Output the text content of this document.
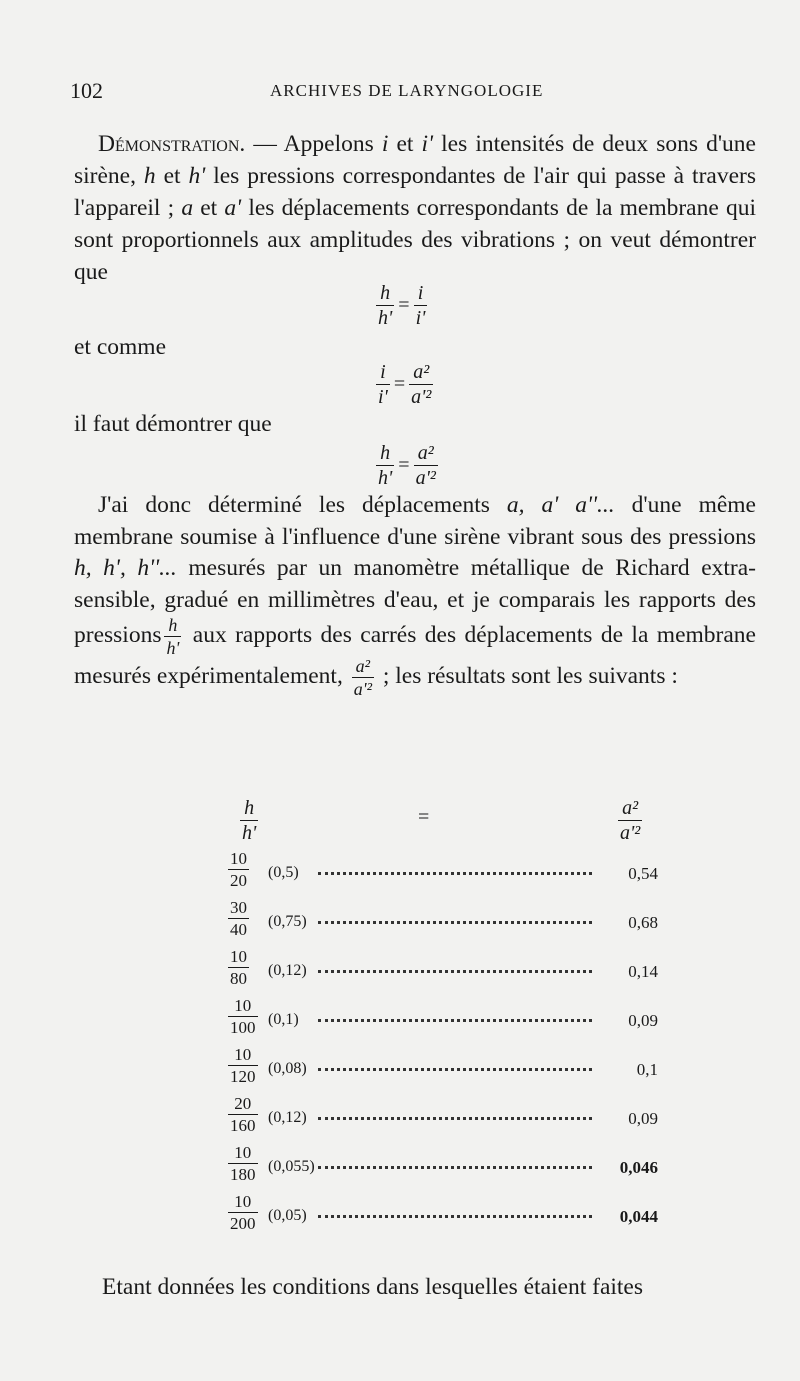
102	ARCHIVES DE LARYNGOLOGIE
Démonstration. — Appelons i et i' les intensités de deux sons d'une sirène, h et h' les pressions correspondantes de l'air qui passe à travers l'appareil ; a et a' les déplacements correspondants de la membrane qui sont proportionnels aux amplitudes des vibrations ; on veut démontrer que
$\frac{h}{h'} = \frac{i}{i'}$
et comme
$\frac{i}{i'} = \frac{\text{a²}}{\text{a'²}}$
il faut démontrer que
$\frac{h}{h'} = \frac{\text{a²}}{\text{a'²}}$
J'ai donc déterminé les déplacements a, a' a''... d'une même membrane soumise à l'influence d'une sirène vibrant sous des pressions h, h', h''... mesurés par un manomètre métallique de Richard extra-sensible, gradué en millimètres d'eau, et je comparais les rapports des pressions $\frac{h}{h'}$ aux rapports des carrés des déplacements de la membrane mesurés expérimentalement, $\frac{\text{a²}}{\text{a'²}}$ ; les résultats sont les suivants :
$\frac{h}{h'}$	=	$\frac{\text{a²}}{\text{a'²}}$
$\frac{10}{20} (0,5)$	0,54
$\frac{30}{40} (0,75)$	0,68
$\frac{10}{80} (0,12)$	0,14
$\frac{10}{100} (0,1)$	0,09
$\frac{10}{120} (0,08)$	0,1
$\frac{20}{160} (0,12)$	0,09
$\frac{10}{180} (0,055)$	0,046
$\frac{10}{200} (0,05)$	0,044
Etant données les conditions dans lesquelles étaient faites
